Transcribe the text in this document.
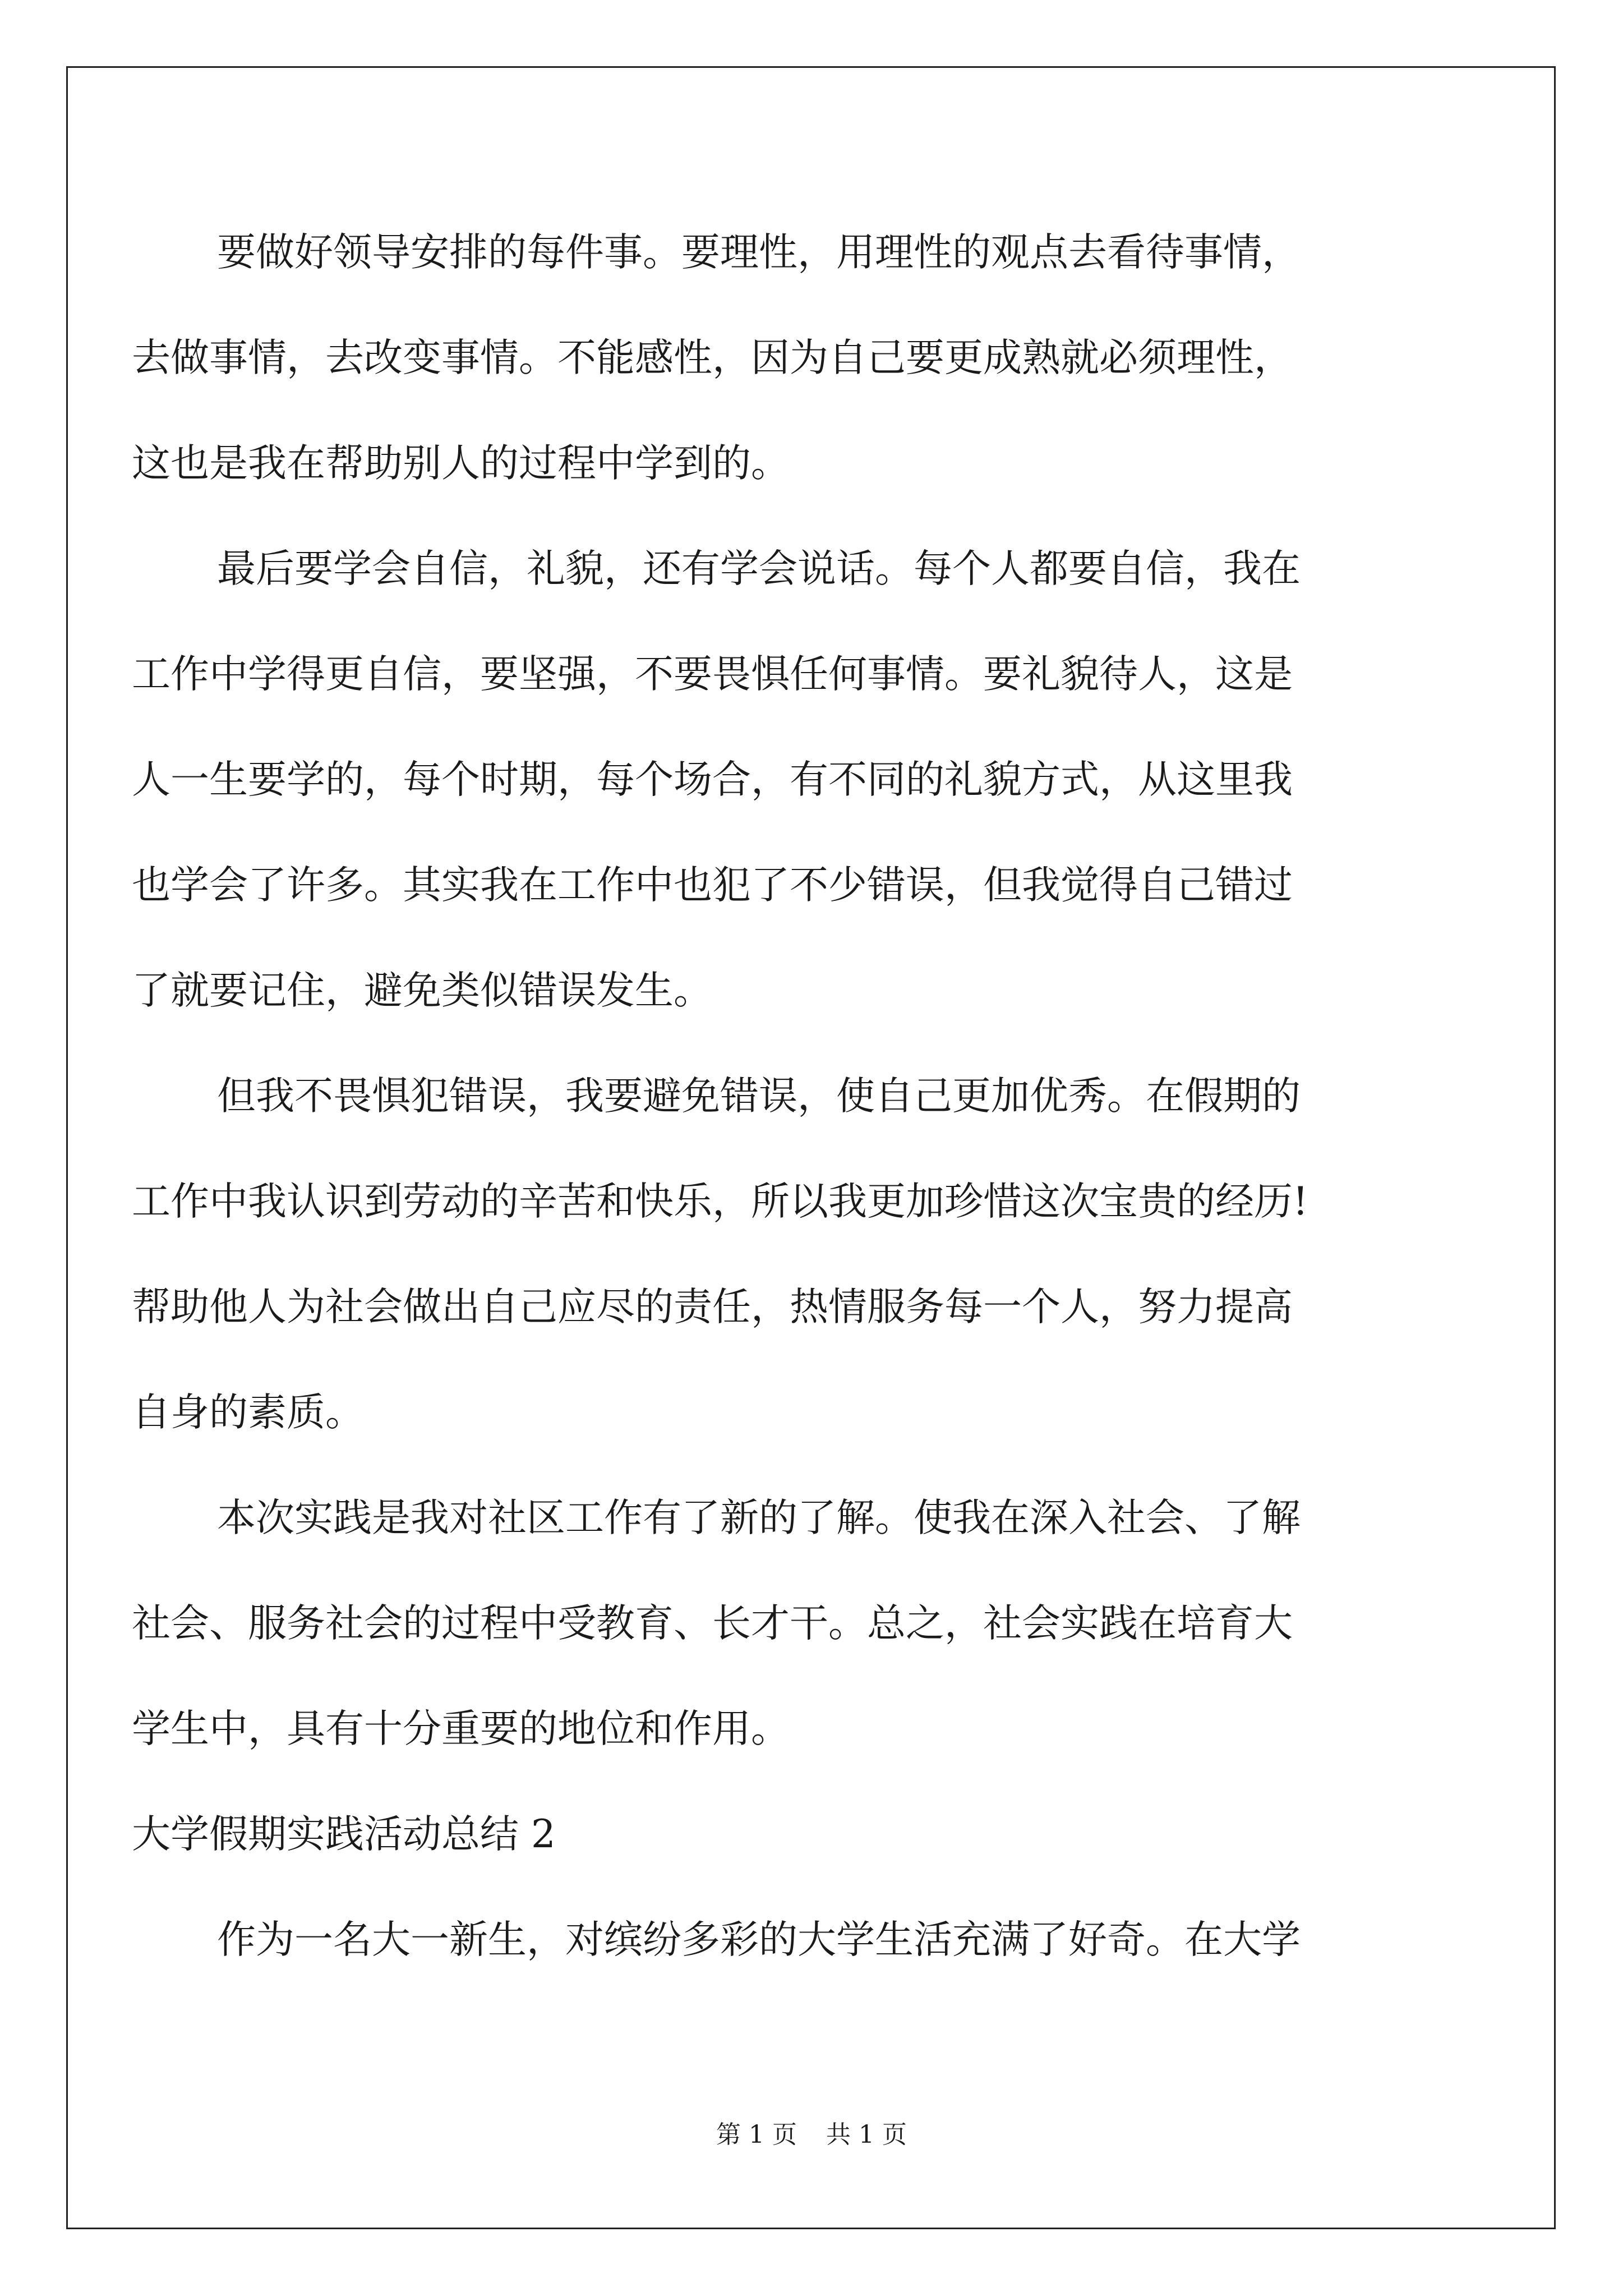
要做好领导安排的每件事。要理性，用理性的观点去看待事情，
去做事情，去改变事情。不能感性，因为自己要更成熟就必须理性，
这也是我在帮助别人的过程中学到的。
最后要学会自信，礼貌，还有学会说话。每个人都要自信，我在
工作中学得更自信，要坚强，不要畏惧任何事情。要礼貌待人，这是
人一生要学的，每个时期，每个场合，有不同的礼貌方式，从这里我
也学会了许多。其实我在工作中也犯了不少错误，但我觉得自己错过
了就要记住，避免类似错误发生。
但我不畏惧犯错误，我要避免错误，使自己更加优秀。在假期的
工作中我认识到劳动的辛苦和快乐，所以我更加珍惜这次宝贵的经历!
帮助他人为社会做出自己应尽的责任，热情服务每一个人，努力提高
自身的素质。
本次实践是我对社区工作有了新的了解。使我在深入社会、了解
社会、服务社会的过程中受教育、长才干。总之，社会实践在培育大
学生中，具有十分重要的地位和作用。
大学假期实践活动总结 2
作为一名大一新生，对缤纷多彩的大学生活充满了好奇。在大学
第 1 页 共 1 页
